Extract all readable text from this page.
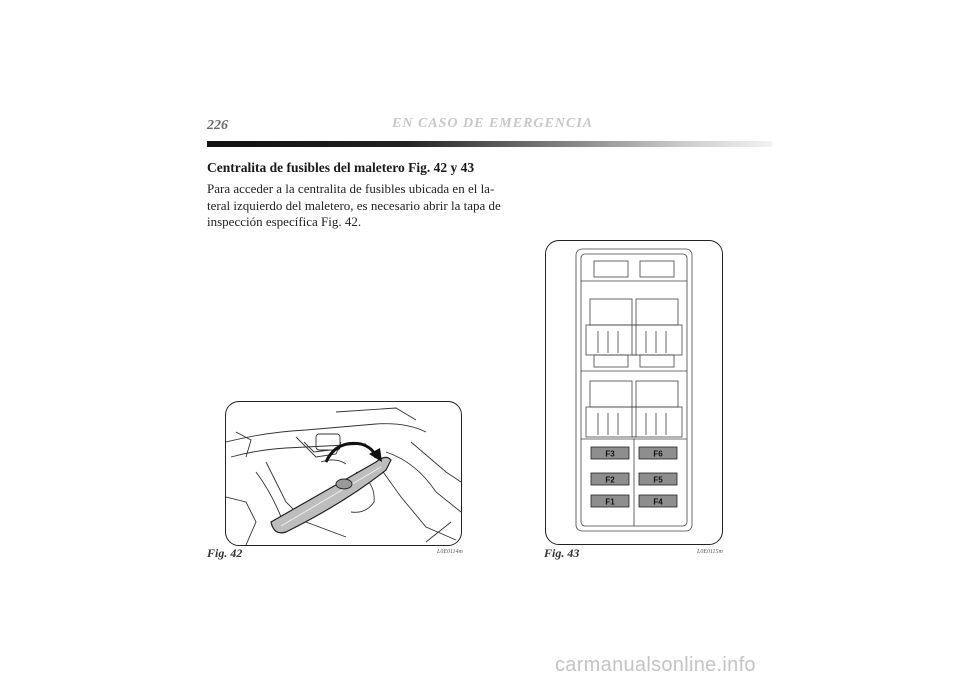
226	EN CASO DE EMERGENCIA
Centralita de fusibles del maletero Fig. 42 y 43
Para acceder a la centralita de fusibles ubicada en el la-
teral izquierdo del maletero, es necesario abrir la tapa de
inspección específica Fig. 42.
Fig. 42	L0E0114m
F3	F6
F2	F5
F1	F4
Fig. 43	L0E0115m
carmanualsonline.info
